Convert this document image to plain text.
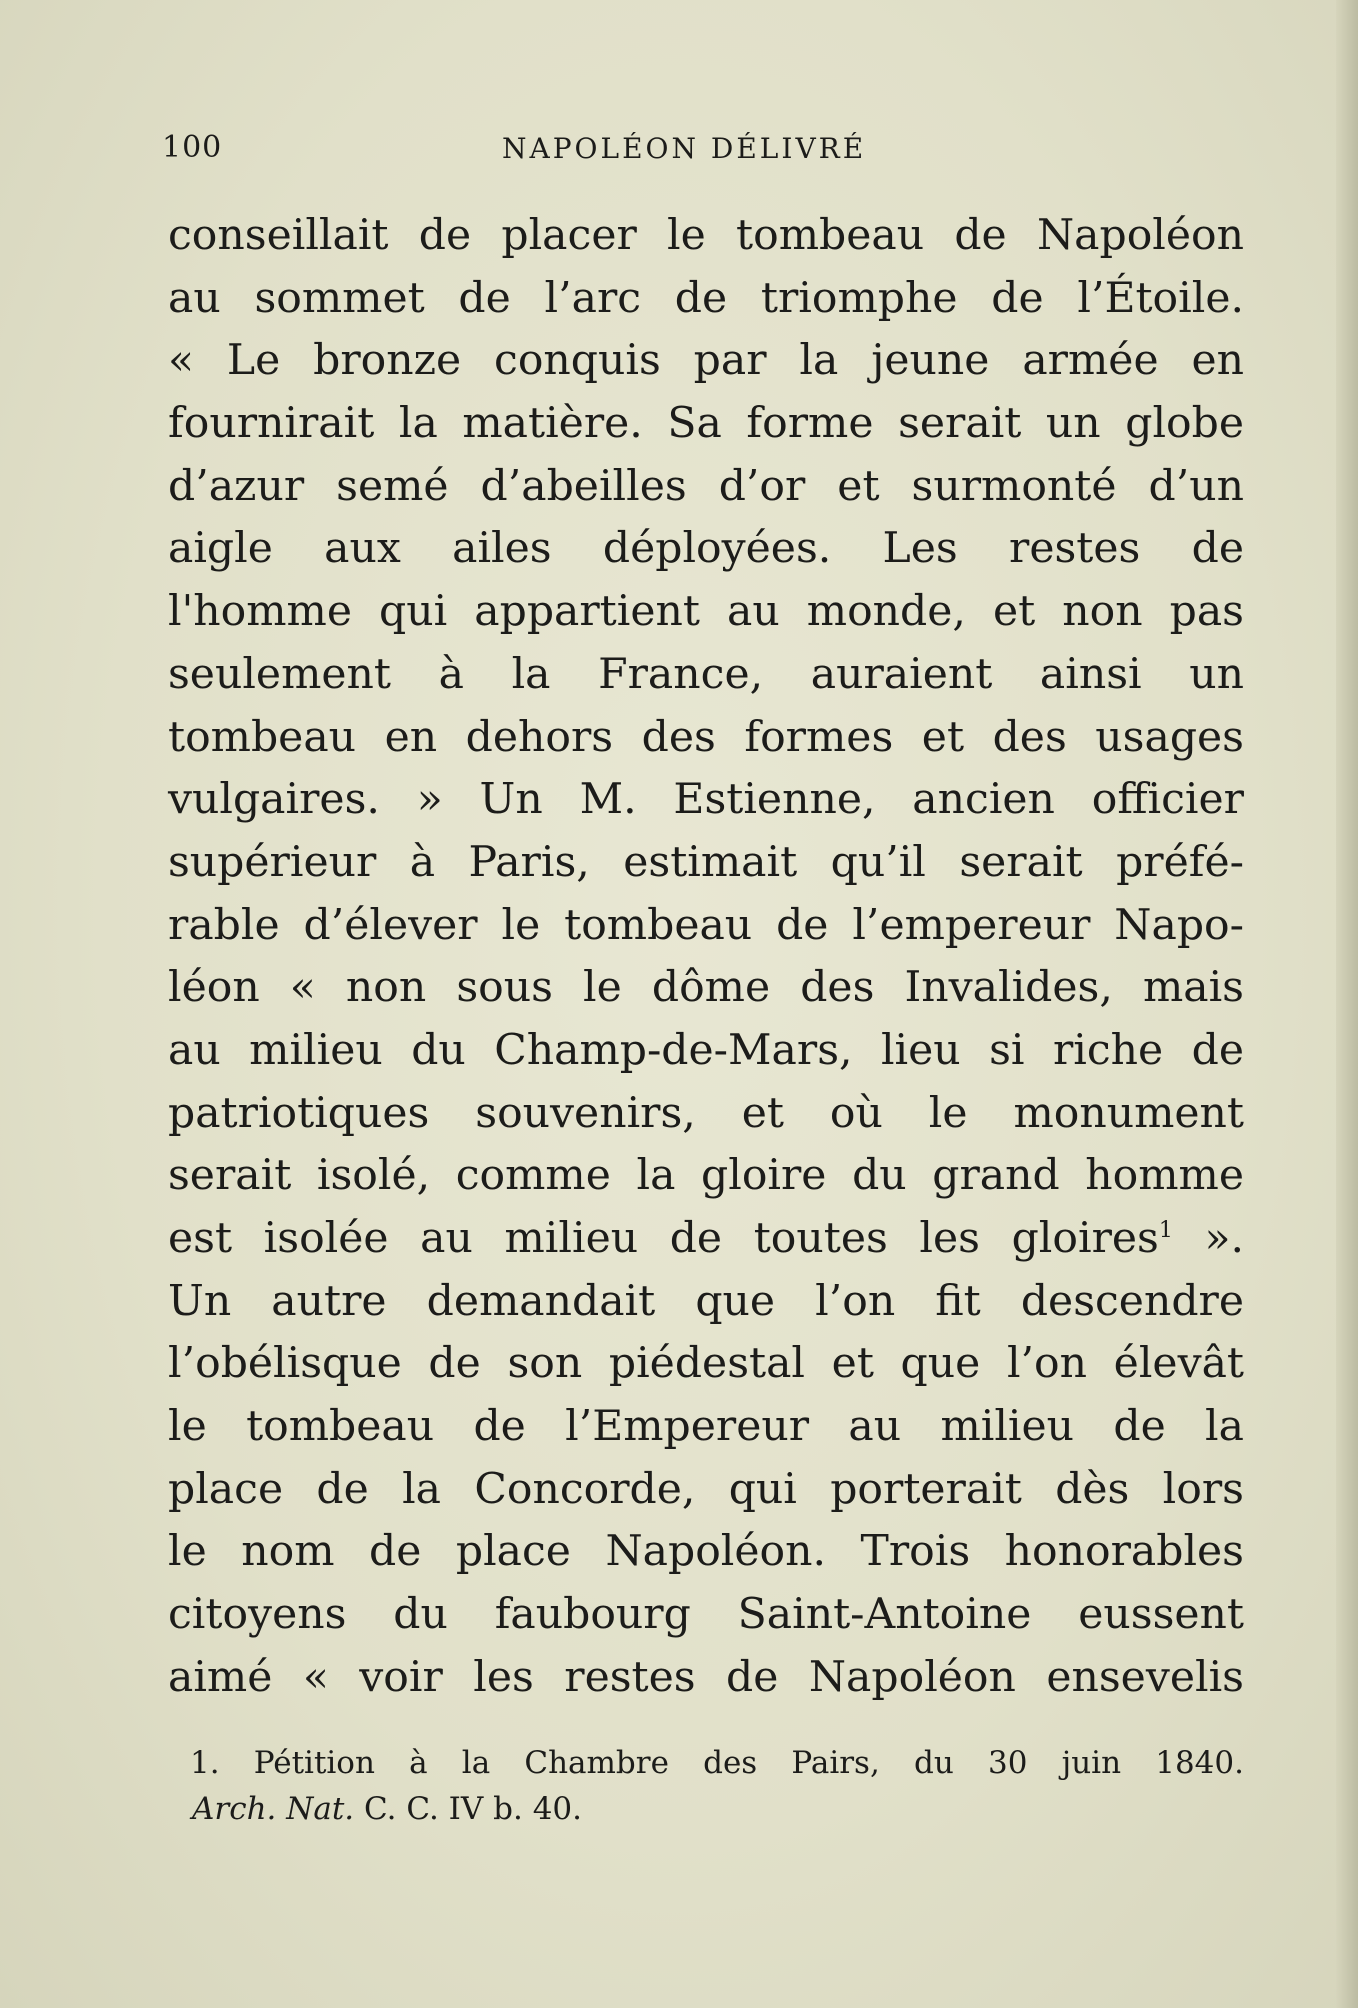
100	NAPOLÉON DÉLIVRÉ
conseillait de placer le tombeau de Napoléon
au sommet de l’arc de triomphe de l’Étoile.
« Le bronze conquis par la jeune armée en
fournirait la matière. Sa forme serait un globe
d’azur semé d’abeilles d’or et surmonté d’un
aigle aux ailes déployées. Les restes de
l'homme qui appartient au monde, et non pas
seulement à la France, auraient ainsi un
tombeau en dehors des formes et des usages
vulgaires. » Un M. Estienne, ancien officier
supérieur à Paris, estimait qu’il serait préfé-
rable d’élever le tombeau de l’empereur Napo-
léon « non sous le dôme des Invalides, mais
au milieu du Champ-de-Mars, lieu si riche de
patriotiques souvenirs, et où le monument
serait isolé, comme la gloire du grand homme
est isolée au milieu de toutes les gloires$^1$ ».
Un autre demandait que l’on fit descendre
l’obélisque de son piédestal et que l’on élevât
le tombeau de l’Empereur au milieu de la
place de la Concorde, qui porterait dès lors
le nom de place Napoléon. Trois honorables
citoyens du faubourg Saint-Antoine eussent
aimé « voir les restes de Napoléon ensevelis
1. Pétition à la Chambre des Pairs, du 30 juin 1840.
Arch. Nat. C. C. IV b. 40.
